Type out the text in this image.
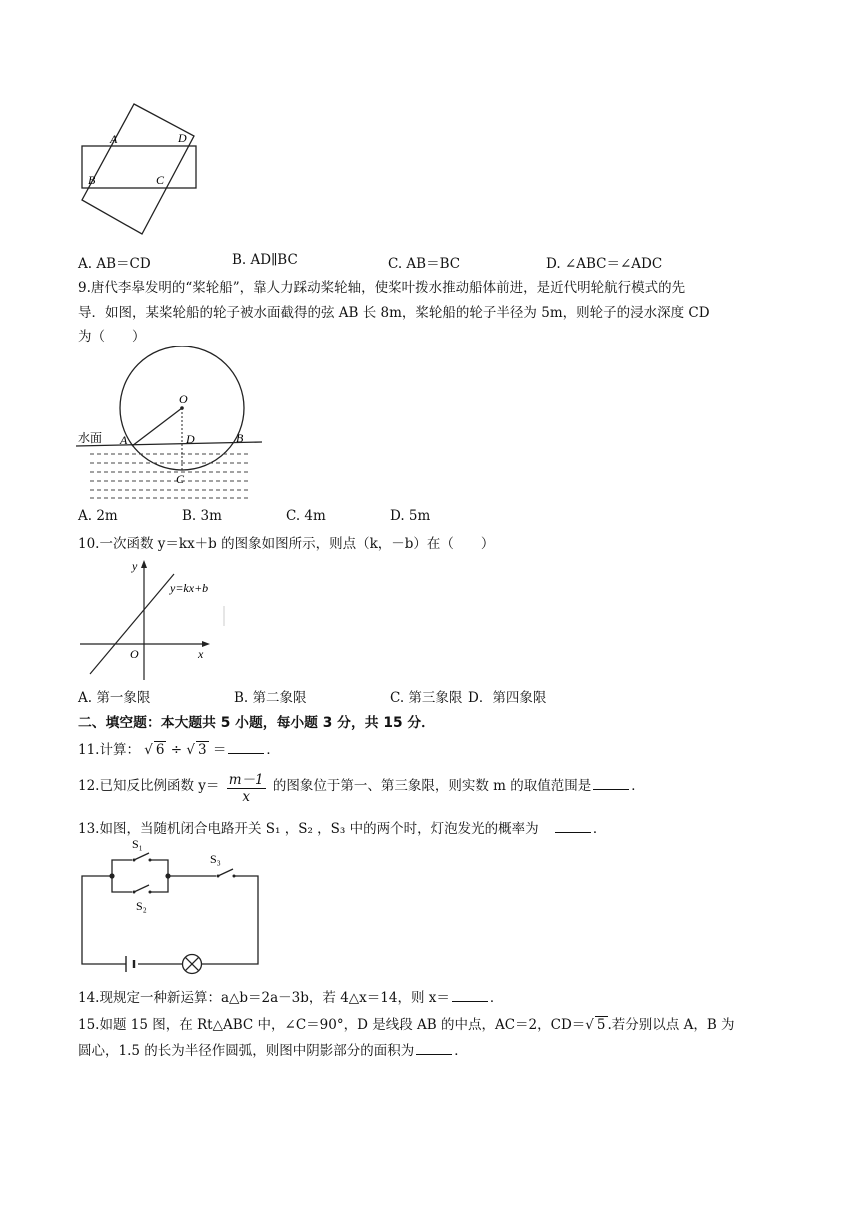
A	D
B	C
A. AB＝CD	B. AD∥BC	C. AB＝BC	D. ∠ABC＝∠ADC
9.唐代李皋发明的“桨轮船”，靠人力踩动桨轮轴，使桨叶拨水推动船体前进，是近代明轮航行模式的先
导．如图，某桨轮船的轮子被水面截得的弦 AB 长 8m，桨轮船的轮子半径为 5m，则轮子的浸水深度 CD
为（　　）
水面
O
A	D	B
C
A. 2m	B. 3m	C. 4m	D. 5m
10.一次函数 y＝kx＋b 的图象如图所示，则点（k，－b）在（　　）
y
x
O
y=kx+b
A. 第一象限	B. 第二象限	C. 第三象限 D．第四象限
二、填空题：本大题共 5 小题，每小题 3 分，共 15 分．
11.计算： √ 6 ÷ √ 3 ＝	．
12.已知反比例函数 $y= \frac{m-1}{x}$ 的图象位于第一、第三象限，则实数 m 的取值范围是	．
13.如图，当随机闭合电路开关 S₁ ，S₂ ，S₃ 中的两个时，灯泡发光的概率为	．
S₁
S₃
S₂
14.现规定一种新运算：a△b＝2a－3b，若 4△x＝14，则 x＝	．
15.如题 15 图，在 Rt△ABC 中，∠C＝90°，D 是线段 AB 的中点，AC＝2，CD＝√ 5 .若分别以点 A，B 为
圆心，1.5 的长为半径作圆弧，则图中阴影部分的面积为	．
